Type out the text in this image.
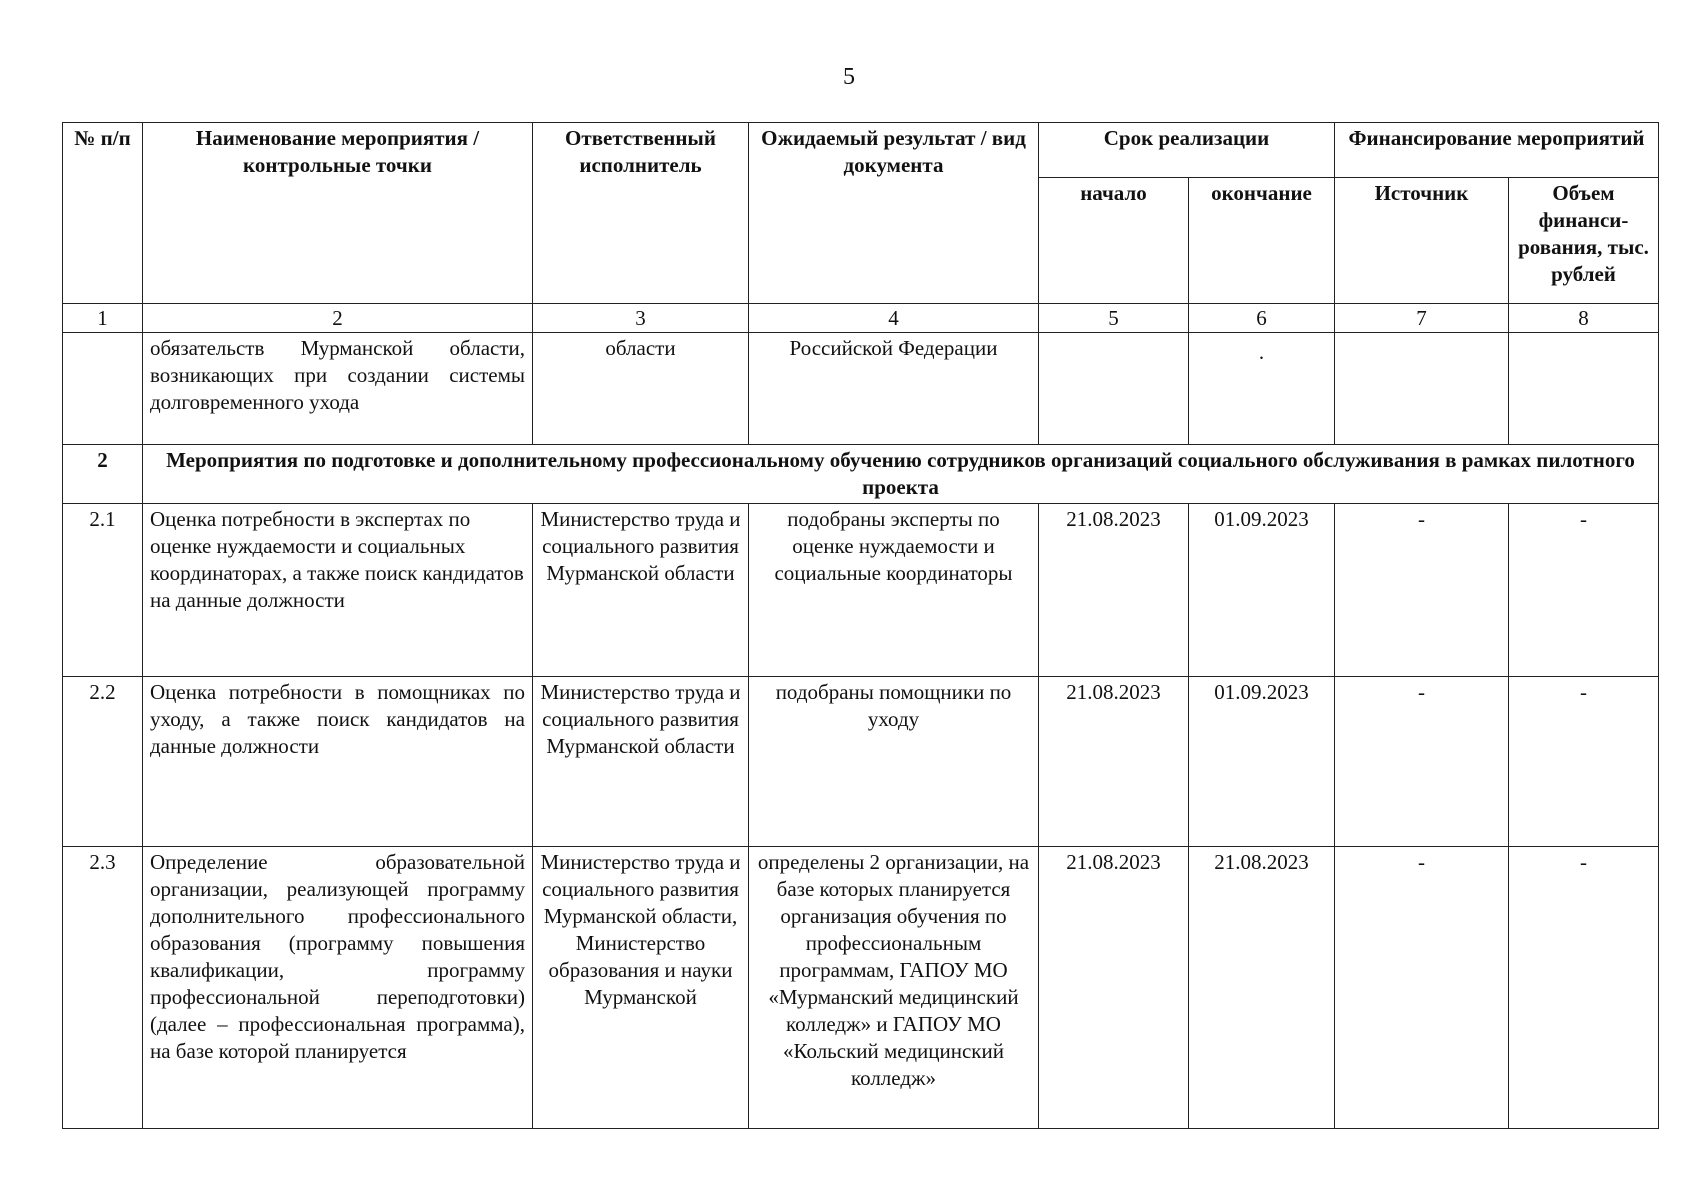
5
№ п/п	Наименование мероприятия / контрольные точки	Ответственный исполнитель	Ожидаемый результат / вид документа	Срок реализации		Финансирование мероприятий	
				начало	окончание	Источник	Объем финанси-рования, тыс. рублей
1	2	3	4	5	6	7	8
	обязательств Мурманской области, возникающих при создании системы долговременного ухода	области	Российской Федерации		·		
2	Мероприятия по подготовке и дополнительному профессиональному обучению сотрудников организаций социального обслуживания в рамках пилотного проекта						
2.1	Оценка потребности в экспертах по оценке нуждаемости и социальных координаторах, а также поиск кандидатов на данные должности	Министерство труда и социального развития Мурманской области	подобраны эксперты по оценке нуждаемости и социальные координаторы	21.08.2023	01.09.2023	-	-
2.2	Оценка потребности в помощниках по уходу, а также поиск кандидатов на данные должности	Министерство труда и социального развития Мурманской области	подобраны помощники по уходу	21.08.2023	01.09.2023	-	-
2.3	Определение образовательной организации, реализующей программу дополнительного профессионального образования (программу повышения квалификации, программу профессиональной переподготовки) (далее – профессиональная программа), на базе которой планируется	Министерство труда и социального развития Мурманской области, Министерство образования и науки Мурманской	определены 2 организации, на базе которых планируется организация обучения по профессиональным программам, ГАПОУ МО «Мурманский медицинский колледж» и ГАПОУ МО «Кольский медицинский колледж»	21.08.2023	21.08.2023	-	-
